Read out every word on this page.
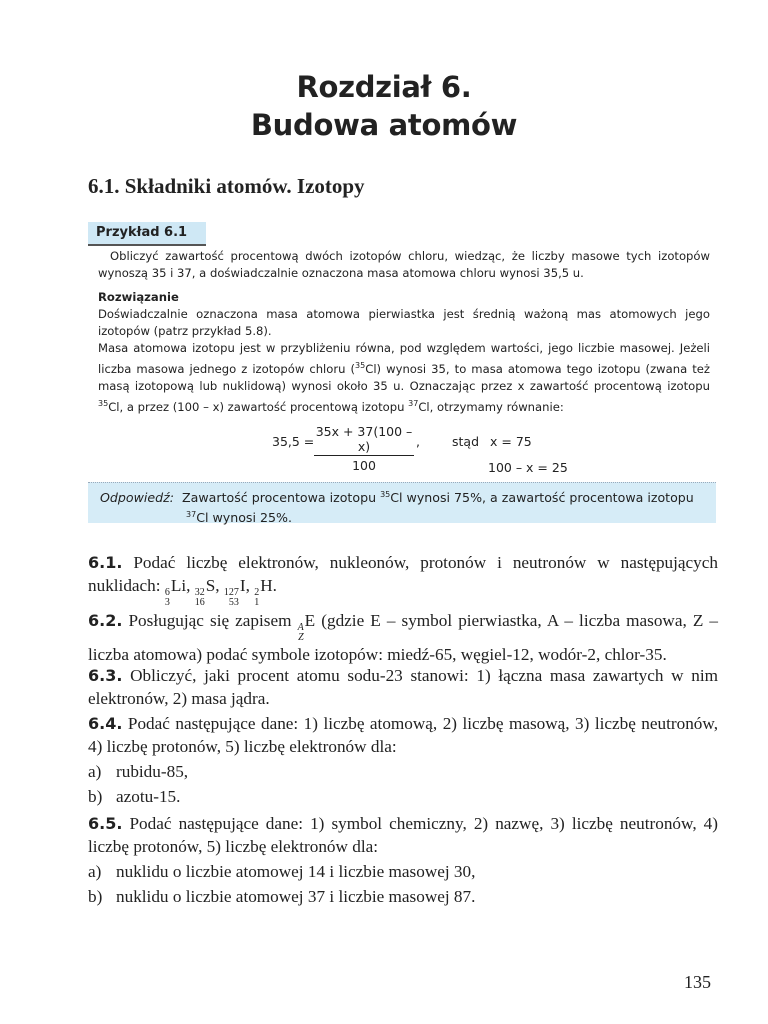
Rozdział 6.
Budowa atomów
6.1. Składniki atomów. Izotopy
Przykład 6.1

Obliczyć zawartość procentową dwóch izotopów chloru, wiedząc, że liczby masowe tych izotopów wynoszą 35 i 37, a doświadczalnie oznaczona masa atomowa chloru wynosi 35,5 u.

Rozwiązanie

Doświadczalnie oznaczona masa atomowa pierwiastka jest średnią ważoną mas atomowych jego izotopów (patrz przykład 5.8).

Masa atomowa izotopu jest w przybliżeniu równa, pod względem wartości, jego liczbie masowej. Jeżeli liczba masowa jednego z izotopów chloru ($^{35}$Cl) wynosi 35, to masa atomowa tego izotopu (zwana też masą izotopową lub nuklidową) wynosi około 35 u. Oznaczając przez x zawartość procentową izotopu $^{35}$Cl, a przez (100 – x) zawartość procentową izotopu $^{37}$Cl, otrzymamy równanie:

$35,5 = \frac{35x + 37(100 - x)}{100}$ ,	stąd x = 75
100 – x = 25
Odpowiedź: Zawartość procentowa izotopu $^{35}$Cl wynosi 75%, a zawartość procentowa izotopu
$^{37}$Cl wynosi 25%.

6.1. Podać liczbę elektronów, nukleonów, protonów i neutronów w następujących nuklidach: 6
3
Li, 32
16
S, 127
53
I, 2
1
H.

6.2. Posługując się zapisem A
Z
E (gdzie E – symbol pierwiastka, A – liczba masowa, Z – liczba atomowa) podać symbole izotopów: miedź-65, węgiel-12, wodór-2, chlor-35.

6.3. Obliczyć, jaki procent atomu sodu-23 stanowi: 1) łączna masa zawartych w nim elektronów, 2) masa jądra.

6.4. Podać następujące dane: 1) liczbę atomową, 2) liczbę masową, 3) liczbę neutronów, 4) liczbę protonów, 5) liczbę elektronów dla:

a) rubidu-85,

b) azotu-15.

6.5. Podać następujące dane: 1) symbol chemiczny, 2) nazwę, 3) liczbę neutronów, 4) liczbę protonów, 5) liczbę elektronów dla:

a) nuklidu o liczbie atomowej 14 i liczbie masowej 30,

b) nuklidu o liczbie atomowej 37 i liczbie masowej 87.

135
